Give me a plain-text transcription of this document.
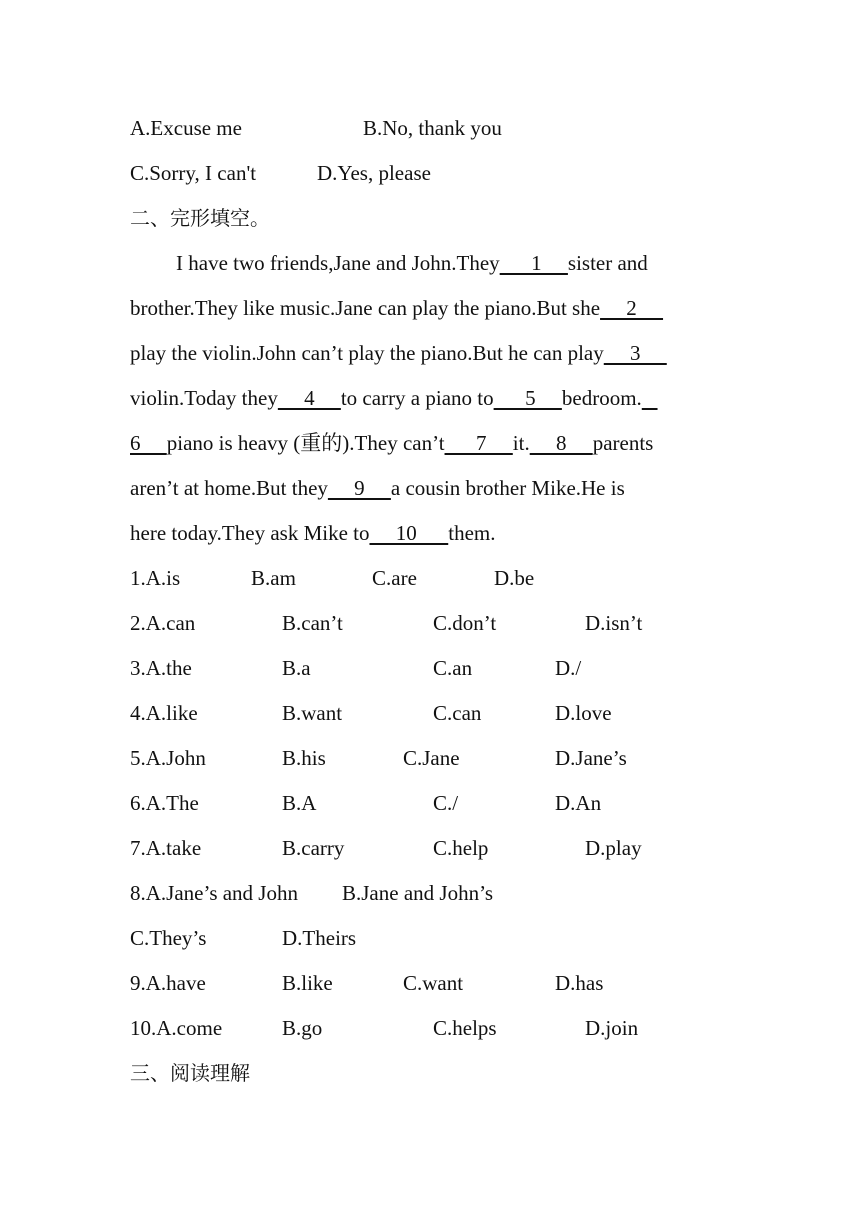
A.Excuse me	B.No, thank you
C.Sorry, I can't	D.Yes, please
二、完形填空。
I have two friends,Jane and John.They      1     sister and
brother.They like music.Jane can play the piano.But she     2
play the violin.John can’t play the piano.But he can play     3
violin.Today they     4     to carry a piano to      5     bedroom.
6     piano is heavy (重的).They can’t      7     it.     8     parents
aren’t at home.But they     9     a cousin brother Mike.He is
here today.They ask Mike to     10      them.
1.A.is	B.am	C.are	D.be
2.A.can	B.can’t	C.don’t	D.isn’t
3.A.the	B.a	C.an	D./
4.A.like	B.want	C.can	D.love
5.A.John	B.his	C.Jane	D.Jane’s
6.A.The	B.A	C./	D.An
7.A.take	B.carry	C.help	D.play
8.A.Jane’s and John B.Jane and John’s
C.They’s	D.Theirs
9.A.have	B.like	C.want	D.has
10.A.come	B.go	C.helps	D.join
三、阅读理解
